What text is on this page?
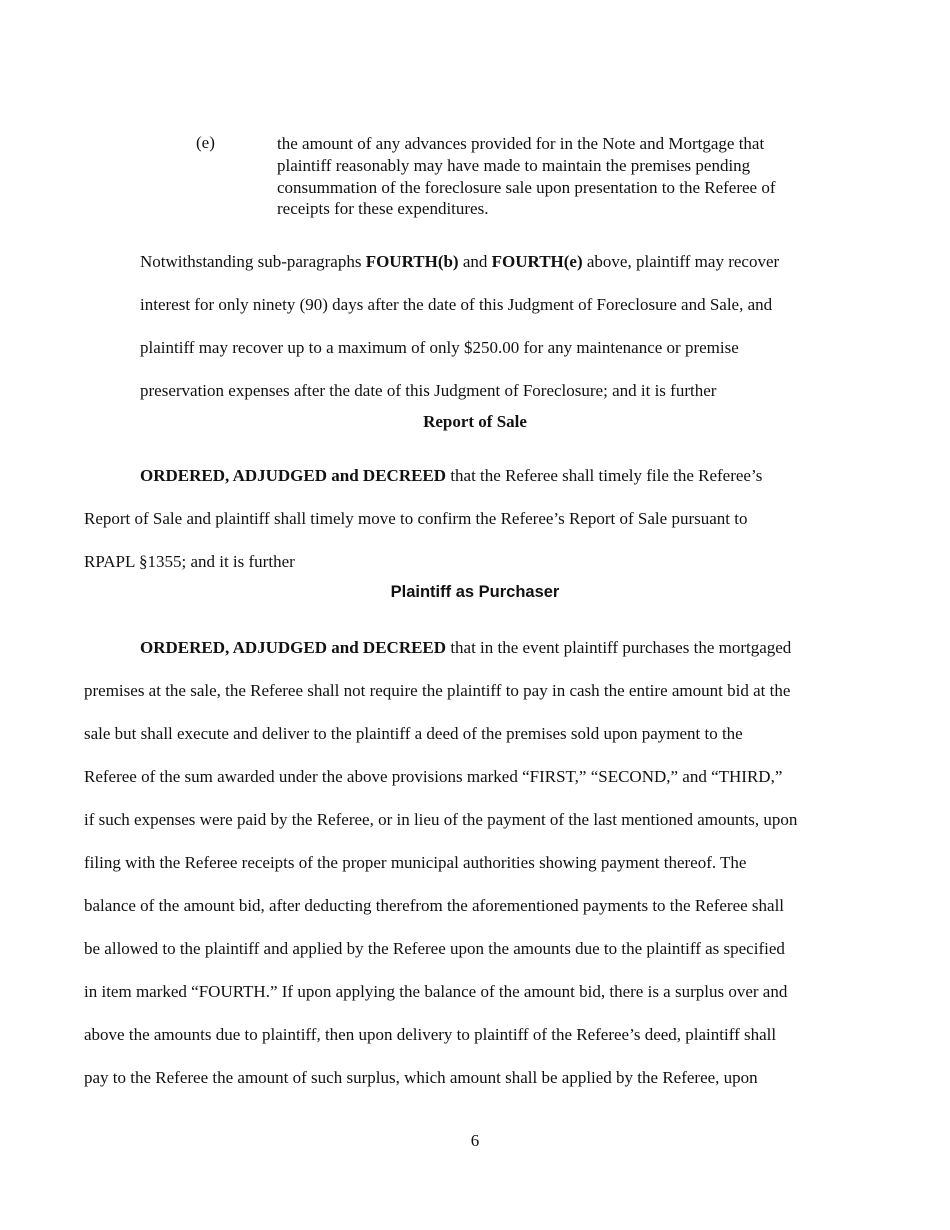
(e)	the amount of any advances provided for in the Note and Mortgage that
plaintiff reasonably may have made to maintain the premises pending
consummation of the foreclosure sale upon presentation to the Referee of
receipts for these expenditures.
Notwithstanding sub-paragraphs FOURTH(b) and FOURTH(e) above, plaintiff may recover
interest for only ninety (90) days after the date of this Judgment of Foreclosure and Sale, and
plaintiff may recover up to a maximum of only $250.00 for any maintenance or premise
preservation expenses after the date of this Judgment of Foreclosure; and it is further
Report of Sale
ORDERED, ADJUDGED and DECREED that the Referee shall timely file the Referee’s
Report of Sale and plaintiff shall timely move to confirm the Referee’s Report of Sale pursuant to
RPAPL §1355; and it is further
Plaintiff as Purchaser
ORDERED, ADJUDGED and DECREED that in the event plaintiff purchases the mortgaged
premises at the sale, the Referee shall not require the plaintiff to pay in cash the entire amount bid at the
sale but shall execute and deliver to the plaintiff a deed of the premises sold upon payment to the
Referee of the sum awarded under the above provisions marked “FIRST,” “SECOND,” and “THIRD,”
if such expenses were paid by the Referee, or in lieu of the payment of the last mentioned amounts, upon
filing with the Referee receipts of the proper municipal authorities showing payment thereof. The
balance of the amount bid, after deducting therefrom the aforementioned payments to the Referee shall
be allowed to the plaintiff and applied by the Referee upon the amounts due to the plaintiff as specified
in item marked “FOURTH.” If upon applying the balance of the amount bid, there is a surplus over and
above the amounts due to plaintiff, then upon delivery to plaintiff of the Referee’s deed, plaintiff shall
pay to the Referee the amount of such surplus, which amount shall be applied by the Referee, upon
6
